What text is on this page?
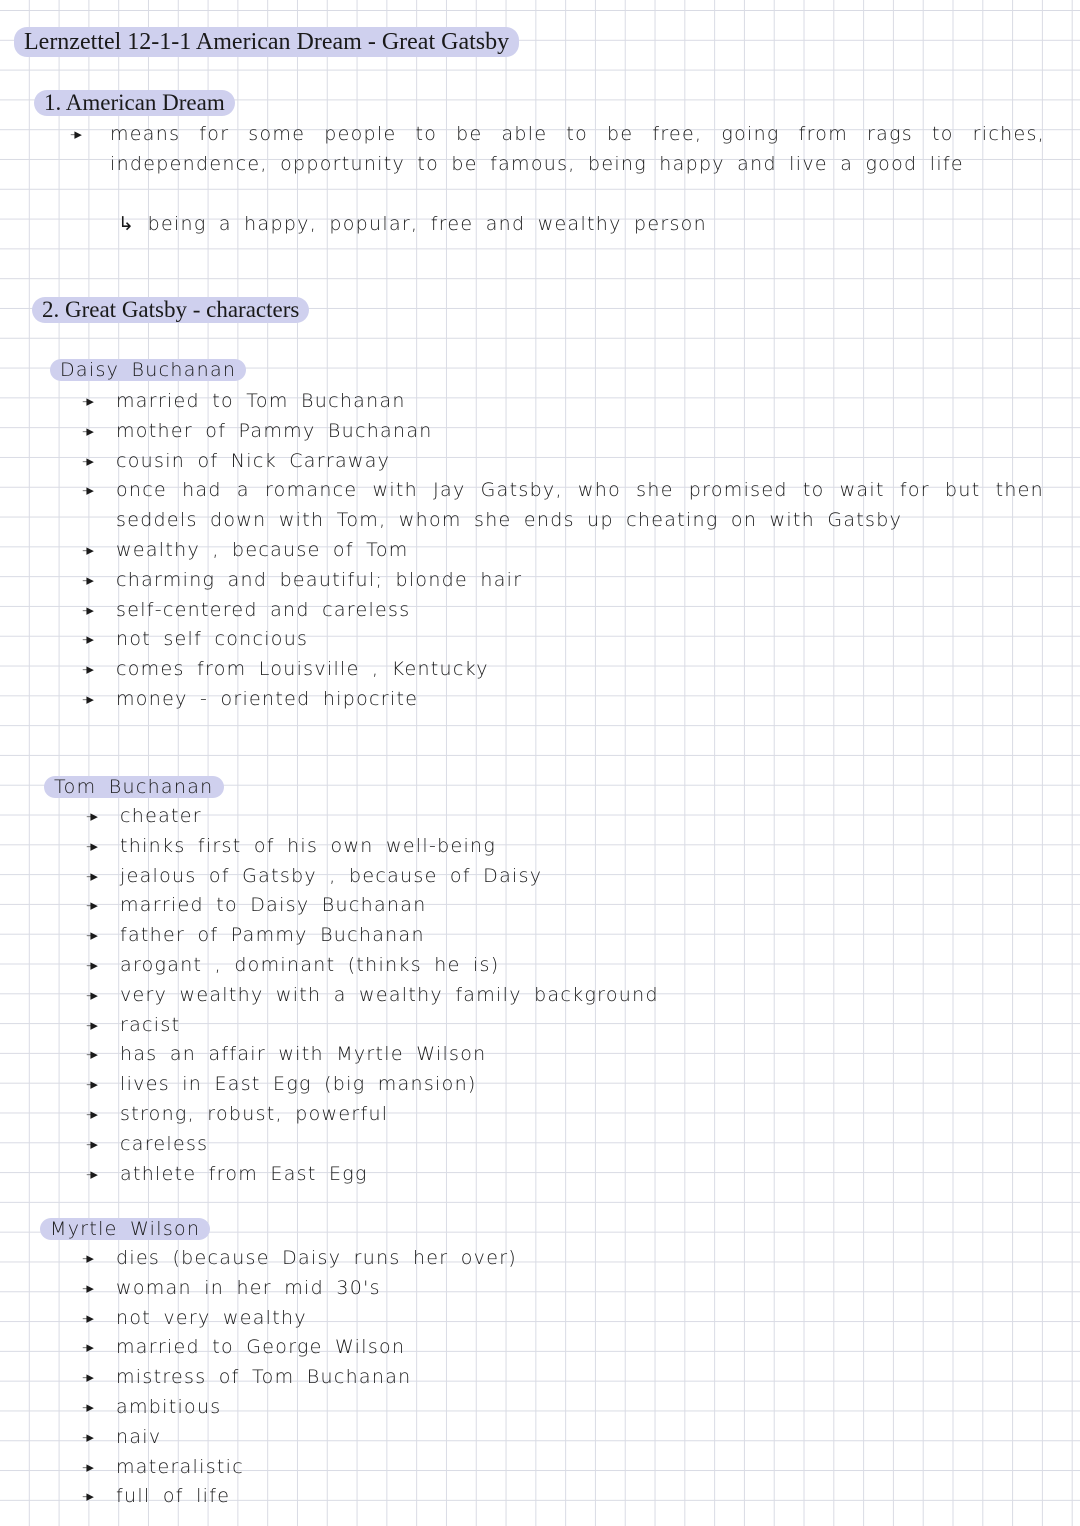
Lernzettel 12-1-1 American Dream - Great Gatsby
1. American Dream
-▸ means for some people to be able to be free, going from rags to riches, independence, opportunity to be famous, being happy and live a good life
↳ being a happy, popular, free and wealthy person
2. Great Gatsby - characters
Daisy Buchanan
-▸ married to Tom Buchanan
-▸ mother of Pammy Buchanan
-▸ cousin of Nick Carraway
-▸ once had a romance with Jay Gatsby, who she promised to wait for but then seddels down with Tom, whom she ends up cheating on with Gatsby
-▸ wealthy , because of Tom
-▸ charming and beautiful; blonde hair
-▸ self-centered and careless
-▸ not self concious
-▸ comes from Louisville , Kentucky
-▸ money - oriented hipocrite
Tom Buchanan
-▸ cheater
-▸ thinks first of his own well-being
-▸ jealous of Gatsby , because of Daisy
-▸ married to Daisy Buchanan
-▸ father of Pammy Buchanan
-▸ arogant , dominant (thinks he is)
-▸ very wealthy with a wealthy family background
-▸ racist
-▸ has an affair with Myrtle Wilson
-▸ lives in East Egg (big mansion)
-▸ strong, robust, powerful
-▸ careless
-▸ athlete from East Egg
Myrtle Wilson
-▸ dies (because Daisy runs her over)
-▸ woman in her mid 30's
-▸ not very wealthy
-▸ married to George Wilson
-▸ mistress of Tom Buchanan
-▸ ambitious
-▸ naiv
-▸ materalistic
-▸ full of life
